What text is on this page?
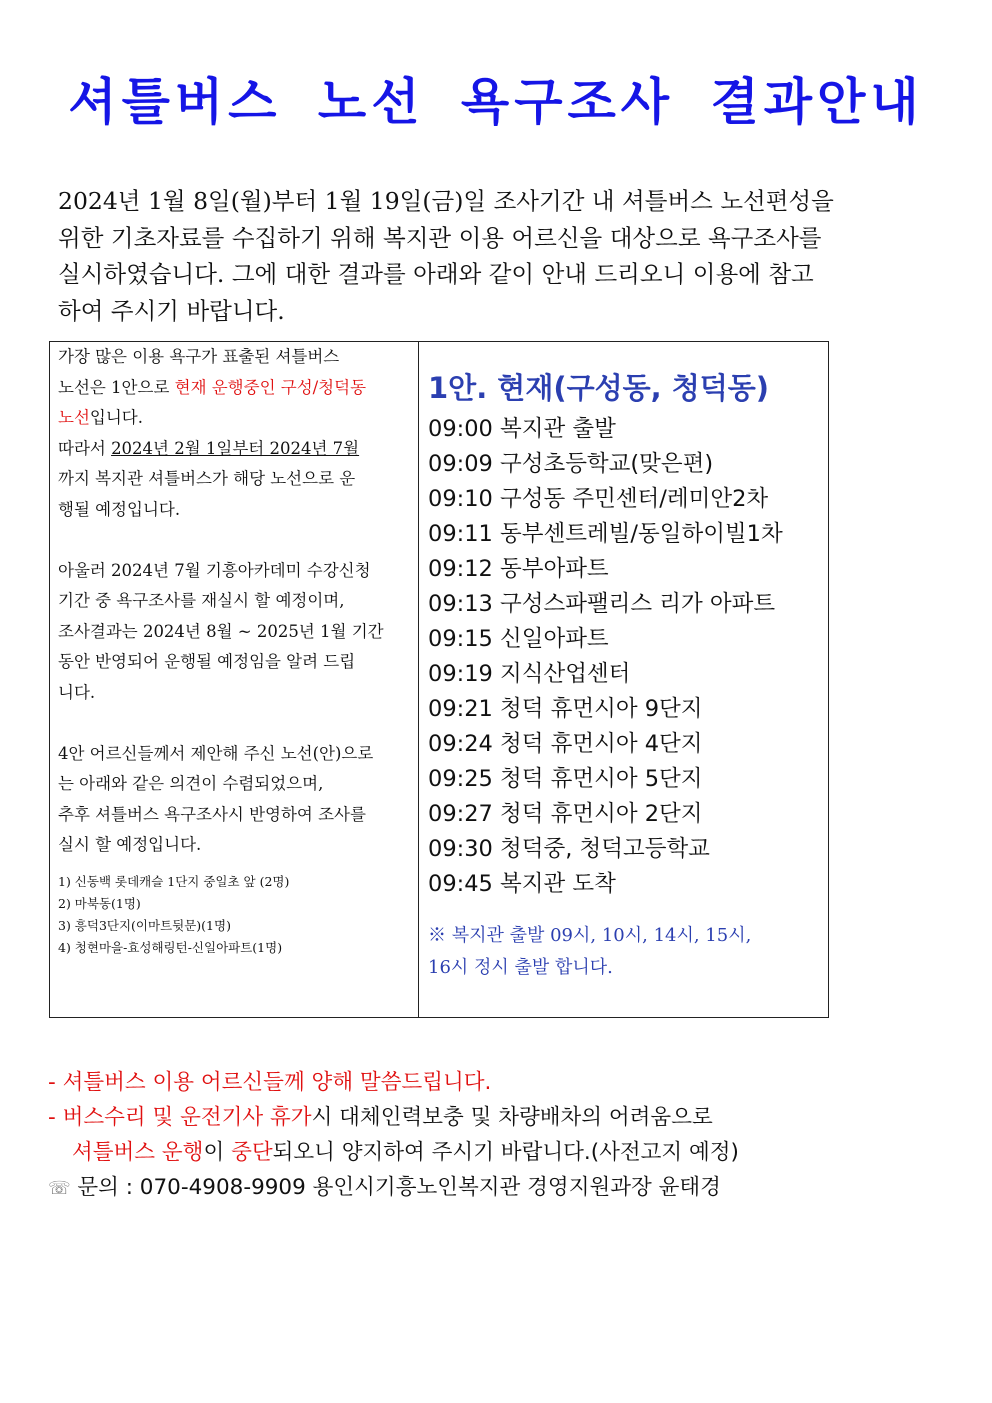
셔틀버스 노선 욕구조사 결과안내

2024년 1월 8일(월)부터 1월 19일(금)일 조사기간 내 셔틀버스 노선편성을

위한 기초자료를 수집하기 위해 복지관 이용 어르신을 대상으로 욕구조사를

실시하였습니다. 그에 대한 결과를 아래와 같이 안내 드리오니 이용에 참고

하여 주시기 바랍니다.

가장 많은 이용 욕구가 표출된 셔틀버스

노선은 1안으로 현재 운행중인 구성/청덕동

노선입니다.

따라서 2024년 2월 1일부터 2024년 7월

까지 복지관 셔틀버스가 해당 노선으로 운

행될 예정입니다.

아울러 2024년 7월 기흥아카데미 수강신청

기간 중 욕구조사를 재실시 할 예정이며,

조사결과는 2024년 8월 ~ 2025년 1월 기간

동안 반영되어 운행될 예정임을 알려 드립

니다.

4안 어르신들께서 제안해 주신 노선(안)으로

는 아래와 같은 의견이 수렴되었으며,

추후 셔틀버스 욕구조사시 반영하여 조사를

실시 할 예정입니다.

1) 신동백 롯데캐슬 1단지 중일초 앞 (2명)

2) 마북동(1명)

3) 흥덕3단지(이마트뒷문)(1명)

4) 청현마을-효성해링턴-신일아파트(1명)

1안. 현재(구성동, 청덕동)

09:00 복지관 출발
09:09 구성초등학교(맞은편)
09:10 구성동 주민센터/레미안2차
09:11 동부센트레빌/동일하이빌1차
09:12 동부아파트
09:13 구성스파팰리스 리가 아파트
09:15 신일아파트
09:19 지식산업센터
09:21 청덕 휴먼시아 9단지
09:24 청덕 휴먼시아 4단지
09:25 청덕 휴먼시아 5단지
09:27 청덕 휴먼시아 2단지
09:30 청덕중, 청덕고등학교
09:45 복지관 도착

※ 복지관 출발 09시, 10시, 14시, 15시,

16시 정시 출발 합니다.

- 셔틀버스 이용 어르신들께 양해 말씀드립니다.

- 버스수리 및 운전기사 휴가시 대체인력보충 및 차량배차의 어려움으로

셔틀버스 운행이 중단되오니 양지하여 주시기 바랍니다.(사전고지 예정)

☏ 문의 : 070-4908-9909 용인시기흥노인복지관 경영지원과장 윤태경
